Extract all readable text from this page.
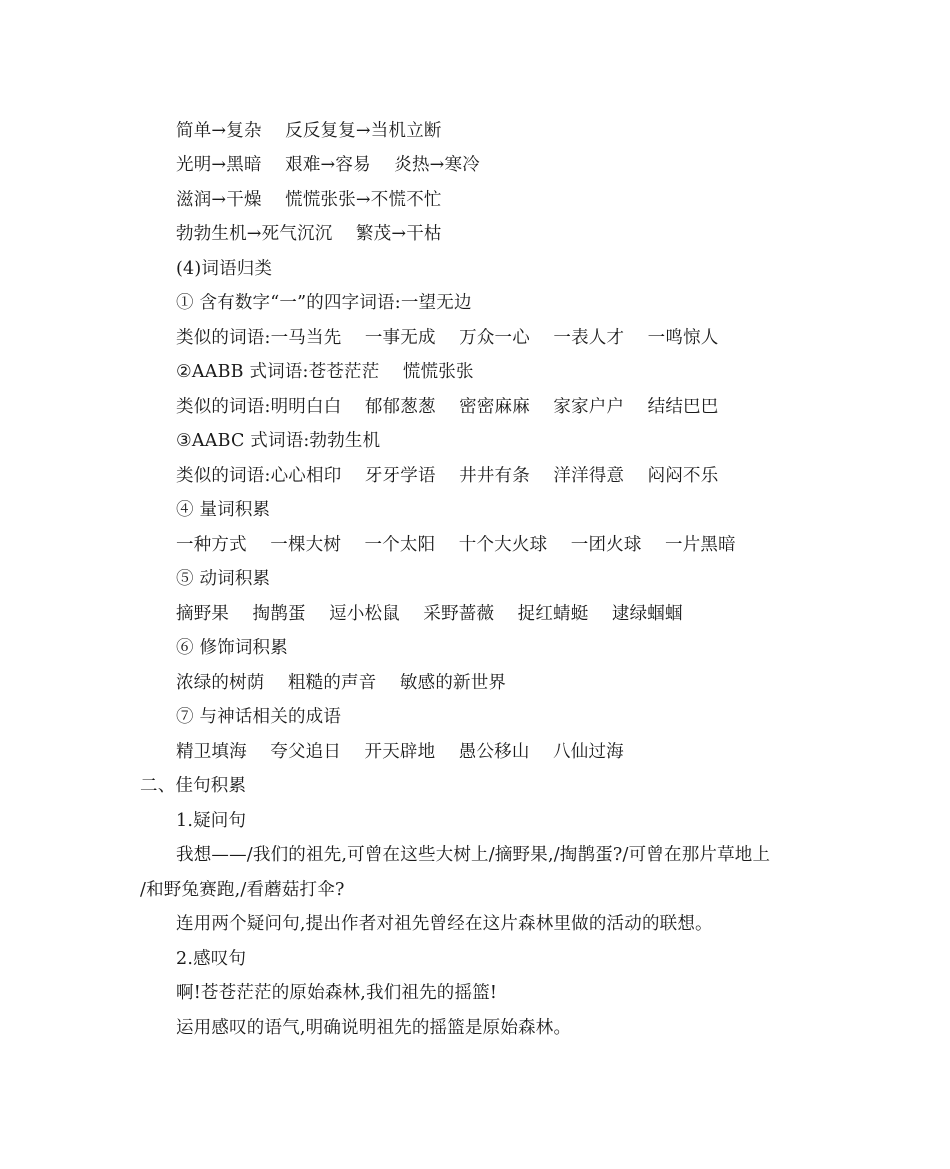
简单→复杂　 反反复复→当机立断
光明→黑暗　 艰难→容易　 炎热→寒冷
滋润→干燥　 慌慌张张→不慌不忙
勃勃生机→死气沉沉　 繁茂→干枯
(4)词语归类
① 含有数字“一”的四字词语:一望无边
类似的词语:一马当先　 一事无成　 万众一心　 一表人才　 一鸣惊人
②AABB 式词语:苍苍茫茫　 慌慌张张
类似的词语:明明白白　 郁郁葱葱　 密密麻麻　 家家户户　 结结巴巴
③AABC 式词语:勃勃生机
类似的词语:心心相印　 牙牙学语　 井井有条　 洋洋得意　 闷闷不乐
④ 量词积累
一种方式　 一棵大树　 一个太阳　 十个大火球　 一团火球　 一片黑暗
⑤ 动词积累
摘野果　 掏鹊蛋　 逗小松鼠　 采野蔷薇　 捉红蜻蜓　 逮绿蝈蝈
⑥ 修饰词积累
浓绿的树荫　 粗糙的声音　 敏感的新世界
⑦ 与神话相关的成语
精卫填海　 夸父追日　 开天辟地　 愚公移山　 八仙过海
二、佳句积累
1.疑问句
我想——/我们的祖先,可曾在这些大树上/摘野果,/掏鹊蛋?/可曾在那片草地上
/和野兔赛跑,/看蘑菇打伞?
连用两个疑问句,提出作者对祖先曾经在这片森林里做的活动的联想。
2.感叹句
啊!苍苍茫茫的原始森林,我们祖先的摇篮!
运用感叹的语气,明确说明祖先的摇篮是原始森林。
